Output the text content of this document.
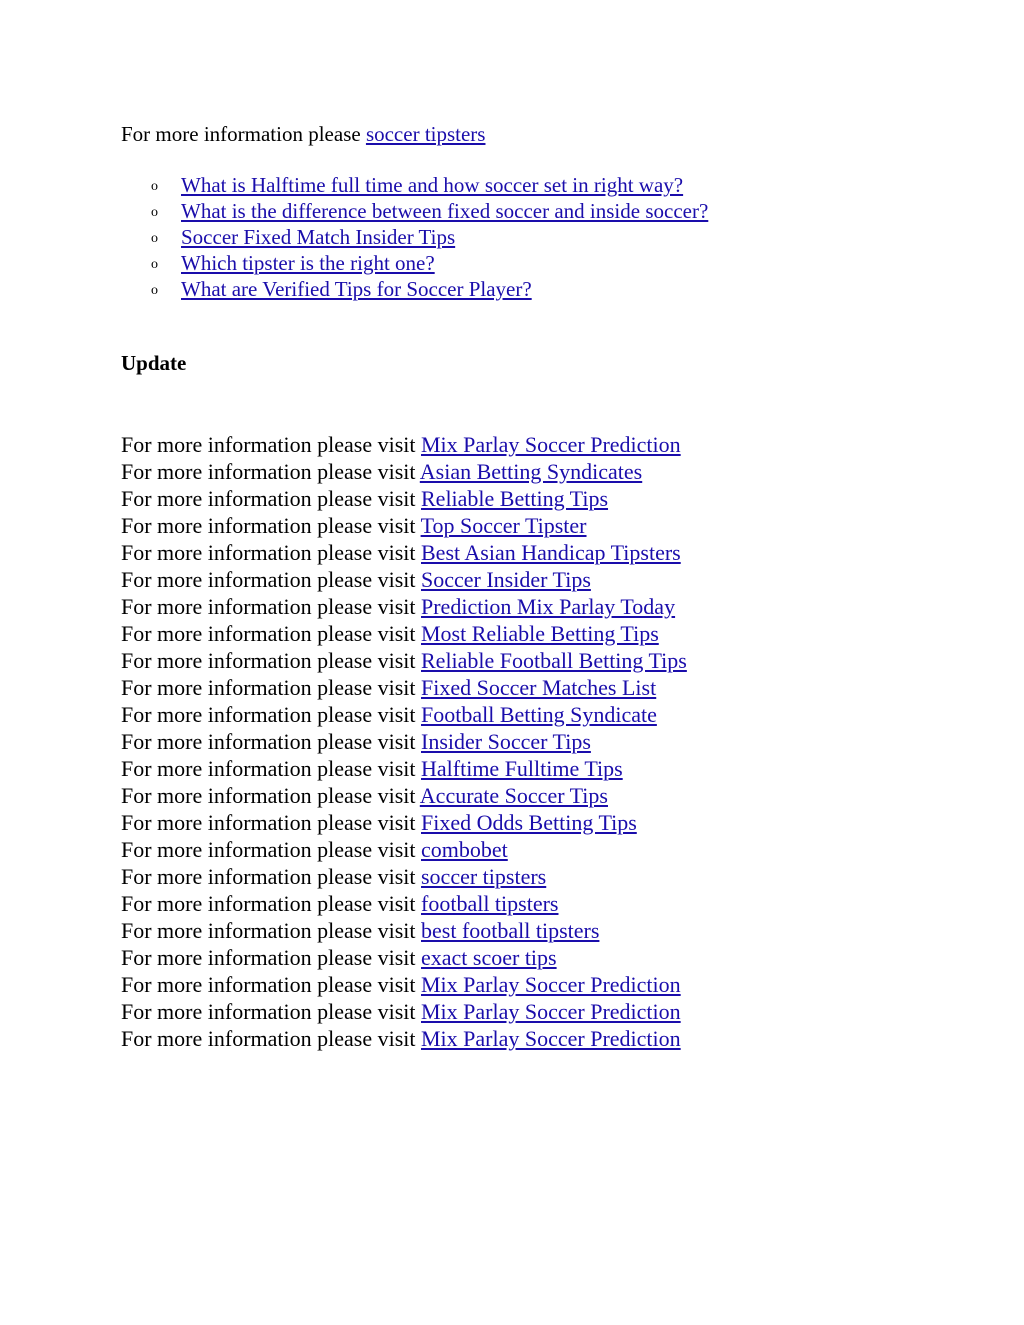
For more information please soccer tipsters
o What is Halftime full time and how soccer set in right way?
o What is the difference between fixed soccer and inside soccer?
o Soccer Fixed Match Insider Tips
o Which tipster is the right one?
o What are Verified Tips for Soccer Player?
Update
For more information please visit Mix Parlay Soccer Prediction
For more information please visit Asian Betting Syndicates
For more information please visit Reliable Betting Tips
For more information please visit Top Soccer Tipster
For more information please visit Best Asian Handicap Tipsters
For more information please visit Soccer Insider Tips
For more information please visit Prediction Mix Parlay Today
For more information please visit Most Reliable Betting Tips
For more information please visit Reliable Football Betting Tips
For more information please visit Fixed Soccer Matches List
For more information please visit Football Betting Syndicate
For more information please visit Insider Soccer Tips
For more information please visit Halftime Fulltime Tips
For more information please visit Accurate Soccer Tips
For more information please visit Fixed Odds Betting Tips
For more information please visit combobet
For more information please visit soccer tipsters
For more information please visit football tipsters
For more information please visit best football tipsters
For more information please visit exact scoer tips
For more information please visit Mix Parlay Soccer Prediction
For more information please visit Mix Parlay Soccer Prediction
For more information please visit Mix Parlay Soccer Prediction
